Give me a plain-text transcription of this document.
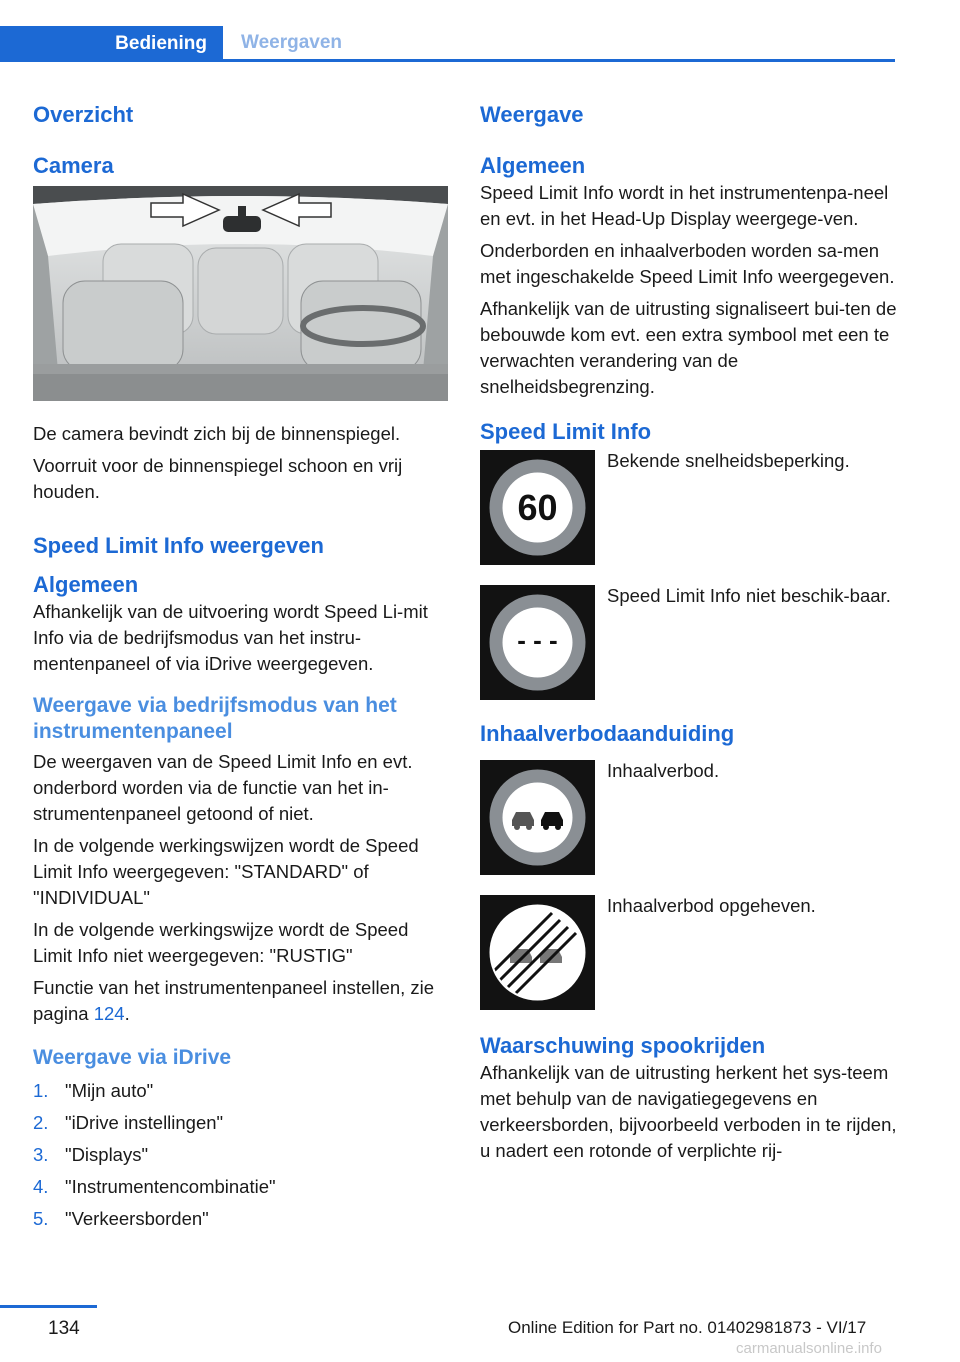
Bediening	Weergaven
Overzicht
Camera

De camera bevindt zich bij de binnenspiegel.

Voorruit voor de binnenspiegel schoon en vrij houden.

Speed Limit Info weergeven
Algemeen

Afhankelijk van de uitvoering wordt Speed Li-mit Info via de bedrijfsmodus van het instru-mentenpaneel of via iDrive weergegeven.

Weergave via bedrijfsmodus van het instrumentenpaneel

De weergaven van de Speed Limit Info en evt. onderbord worden via de functie van het in-strumentenpaneel getoond of niet.

In de volgende werkingswijzen wordt de Speed Limit Info weergegeven: "STANDARD" of "INDIVIDUAL"

In de volgende werkingswijze wordt de Speed Limit Info niet weergegeven: "RUSTIG"

Functie van het instrumentenpaneel instellen, zie pagina 124.

Weergave via iDrive
1. "Mijn auto"
2. "iDrive instellingen"
3. "Displays"
4. "Instrumentencombinatie"
5. "Verkeersborden"
Weergave
Algemeen

Speed Limit Info wordt in het instrumentenpa-neel en evt. in het Head-Up Display weergege-ven.

Onderborden en inhaalverboden worden sa-men met ingeschakelde Speed Limit Info weergegeven.

Afhankelijk van de uitrusting signaliseert bui-ten de bebouwde kom evt. een extra symbool met een te verwachten verandering van de snelheidsbegrenzing.

Speed Limit Info
60

Bekende snelheidsbeperking.

- - -

Speed Limit Info niet beschik-baar.

Inhaalverbodaanduiding

Inhaalverbod.

Inhaalverbod opgeheven.

Waarschuwing spookrijden

Afhankelijk van de uitrusting herkent het sys-teem met behulp van de navigatiegegevens en verkeersborden, bijvoorbeeld verboden in te rijden, u nadert een rotonde of verplichte rij-

134	Online Edition for Part no. 01402981873 - VI/17
carmanualsonline.info
